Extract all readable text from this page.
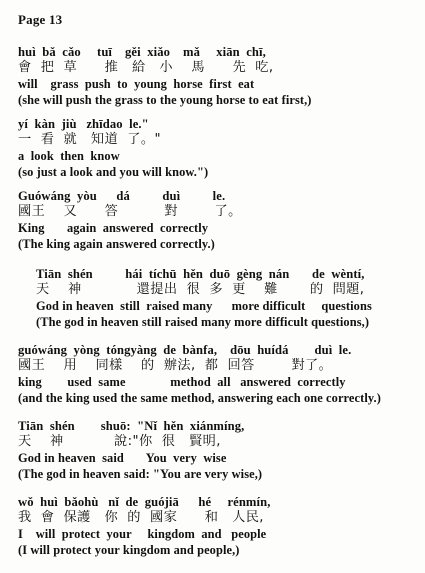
Page 13
huì  bǎ  cǎo     tuī    gěi  xiǎo    mǎ     xiān  chī,
會  把  草      推   給   小    馬      先  吃,
will    grass  push  to  young  horse  first  eat
(she will push the grass to the young horse to eat first,)
yí  kàn  jiù   zhīdao  le."
一  看  就   知道  了。"
a  look  then  know
(so just a look and you will know.")
Guówáng  yòu      dá          duì          le.
國王    又      答          對        了。
King       again  answered  correctly
(The king again answered correctly.)
Tiān  shén          hái  tíchū  hěn  duō  gèng  nán       de  wèntí,
天    神            還提出  很  多  更    難       的  問題,
God in heaven  still  raised many      more difficult     questions
(The god in heaven still raised many more difficult questions,)
guówáng  yòng  tóngyàng  de  bànfa,    dōu  huídá        duì  le.
國王    用    同樣    的  辦法,  都  回答        對了。
king        used  same              method  all   answered  correctly
(and the king used the same method, answering each one correctly.)
Tiān  shén        shuō:  "Nǐ  hěn  xiánmíng,
天    神           說:"你  很   賢明,
God in heaven  said       You  very  wise
(The god in heaven said: "You are very wise,)
wǒ  huì  bǎohù   nǐ  de  guójiā      hé     rénmín,
我  會  保護   你  的  國家      和   人民,
I    will  protect  your     kingdom  and   people
(I will protect your kingdom and people,)
